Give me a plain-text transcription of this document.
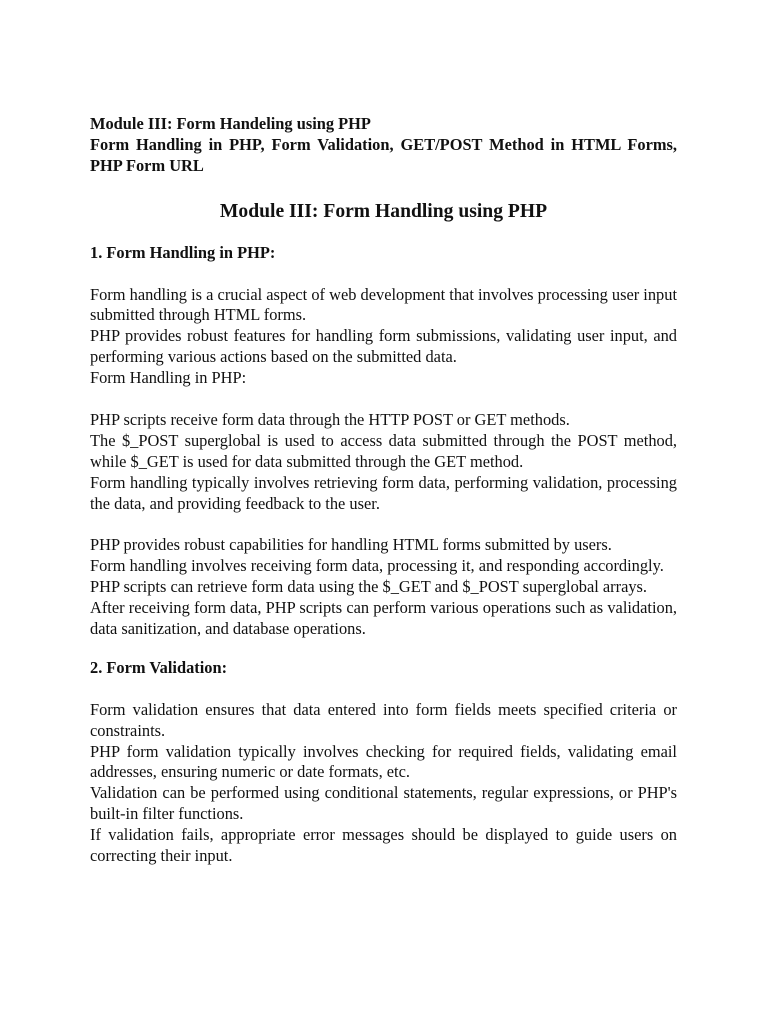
Module III: Form Handeling using PHP

Form Handling in PHP, Form Validation, GET/POST Method in HTML Forms, PHP Form URL

Module III: Form Handling using PHP
1. Form Handling in PHP:

Form handling is a crucial aspect of web development that involves processing user input submitted through HTML forms.

PHP provides robust features for handling form submissions, validating user input, and performing various actions based on the submitted data.

Form Handling in PHP:

PHP scripts receive form data through the HTTP POST or GET methods.

The $_POST superglobal is used to access data submitted through the POST method, while $_GET is used for data submitted through the GET method.

Form handling typically involves retrieving form data, performing validation, processing the data, and providing feedback to the user.

PHP provides robust capabilities for handling HTML forms submitted by users.

Form handling involves receiving form data, processing it, and responding accordingly.

PHP scripts can retrieve form data using the $_GET and $_POST superglobal arrays.

After receiving form data, PHP scripts can perform various operations such as validation, data sanitization, and database operations.

2. Form Validation:

Form validation ensures that data entered into form fields meets specified criteria or constraints.

PHP form validation typically involves checking for required fields, validating email addresses, ensuring numeric or date formats, etc.

Validation can be performed using conditional statements, regular expressions, or PHP's built-in filter functions.

If validation fails, appropriate error messages should be displayed to guide users on correcting their input.
